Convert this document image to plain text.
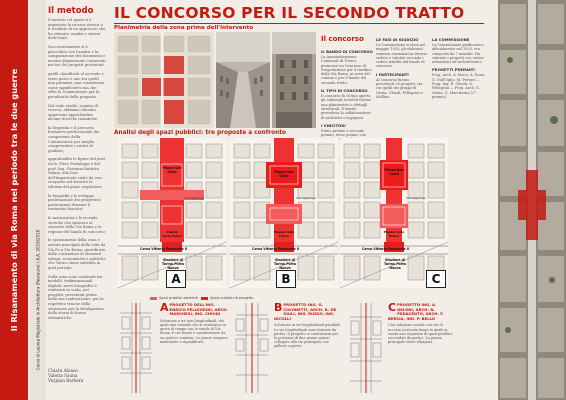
Il Risanamento di via Roma nel periodo tra le due guerre	Corso di Laurea Magistrale in Architettura (Restauro) | A.A. 2015/2016
Il metodo

Il metodo col quale si è impostato la ricerca storica è il risultato di un approccio che ha ritenuto, analisi e sintesi delle fonti.

Successivamente si è proceduto con l'analisi e la comparazione dei documenti e mostra disposizione conservati nei tre dei progetti presentati.

quelli classificati al secondo e terzo posto e uno tra quelli non premiati, non considerato come significativo ma che offre la Commissione per la peculiarità della proposta.

Dal esito studio, seguito di ricerca, abbiamo ritenuto opportuno approfondire alcune ricerche tematiche.

la biografia e il percorso formativo professionale dei componenti della Commissione per meglio comprendere i criteri di giudizio;

approfondite le figure del prof. Arch. Piero Portaluppi e del prof. Ing. Giovanni Battista Milani, alla luce dell'importante ruolo da essi ricoperto nel favorire la riforma del piano regolatore;

la biografia e lo sviluppo professionale dei progettisti partecipanti durante il ventennio fascista;

le motivazioni e le vicende storiche che spinsero al riassetto della Via Roma e la regione del bando di concorso;

le spostamento della zona e arterie principali della città da Via Po a Via Roma, giustificate dalle costruzioni di elementi urbani, economiche e politiche che Torino stava subendo in quel periodo.

Sulla zona sono realizzati tra modelli, tridimensionali digitali, aerei fotografici e realizzati in scala, nei progetti, presentati prima della sua realizzazione, per la rispettiva visione della situazione per la divulgazione della storia di forme urbanistiche.

Chiara Alonzo
Valeria Sauna
Virginia Barbera
IL CONCORSO PER IL SECONDO TRATTO
Planimetria della zona prima dell'intervento
Il concorso
IL BANDO DI CONCORSO

La Amministrazione Comunale di Torino, promosse un Concorso di Progettazione per il riordino della Via Roma, ai sensi del comma 5 per il bando del secondo tratto.

IL TIPO DI CONCORSO

Il concorso fu di tipo aperto, gli elaborati richiesti furono una planimetria e dettagli strutturali. Il bando prevedeva la collaborazione di architetti e ingegneri.

I VINCITORI

Primo premio e secondo premio, terzo premio con

LE FASI DI GIUDIZIO

La Commissione si riunì nel maggio 1933, gli elaborati vennero esaminati in diverse sedute e valutati secondo i criteri stabiliti dal bando di concorso.

I PARTECIPANTI

Al concorso furono presentati 28 progetti, tra cui quelli dei gruppi di Genta, Chiodi, Pellegrini e Mollino.

LA COMMISSIONE

La Commissione giudicatrice, ufficialmente nel 1933, era composta da 7 membri. Ha valutato i progetti con criteri urbanistici ed architettonici.

PROGETTI PREMIATI

Prog. Arch. A. Bucci, A. Rossi, G. Dall'Oglio, M. Ferrari — Prog. Ing. E. Chiodi, N. Pellegrini — Prog. Arch. G. Genta, G. Marchesini (2° premio).

Analisi degli spazi pubblici: tre proposte a confronto
Piazza San Carlo
Via Lagrange
Piazza Carlo Felice
Corso Vittorio Emanuele II
Stazione di Torino Porta Nuova
A
Piazza San Carlo
Via Lagrange
Piazza Carlo Felice
Corso Vittorio Emanuele II
Stazione di Torino Porta Nuova
B
Piazza San Carlo
Via Lagrange
Piazza Carlo Felice
Corso Vittorio Emanuele II
Stazione di Torino Porta Nuova
C
Spazi pubblici esistenti	Spazi pubblici di progetto
APROGETTO DELL'ING. ENRICO PELLEGRINI, ARCH. MARCHESI, ING. CHIODI
Soluzione a tre assi longitudinali, dei quali uno centrale che si sostituisce in quota di rampa con la strada di Via Roma, il cui fronte è caratterizzato da un portico continuo. Le piazze vengono mantenute e riqualificate.
BPROGETTO ING. G. COLONETTI, ARCH. R. DE GIULI, ING. RUSSO, ING. NICOLLI
Soluzione in tre longitudinali parallele. Le vie longitudinali sono formate da portici. Il progetto si caratterizza per la presenza di due piazze minori collegate alla via principale con gallerie coperte.
CPROGETTO ING. A. GELONI, ARCH. N. PEDACENTO, ARCH. F. BERSIA, ING. P. BELLO
Una soluzione assiale con via di accesso porticata lungo la quale si snoda una sequenza di spazi pubblici raccordati da portici. La piazza principale viene allargata.
